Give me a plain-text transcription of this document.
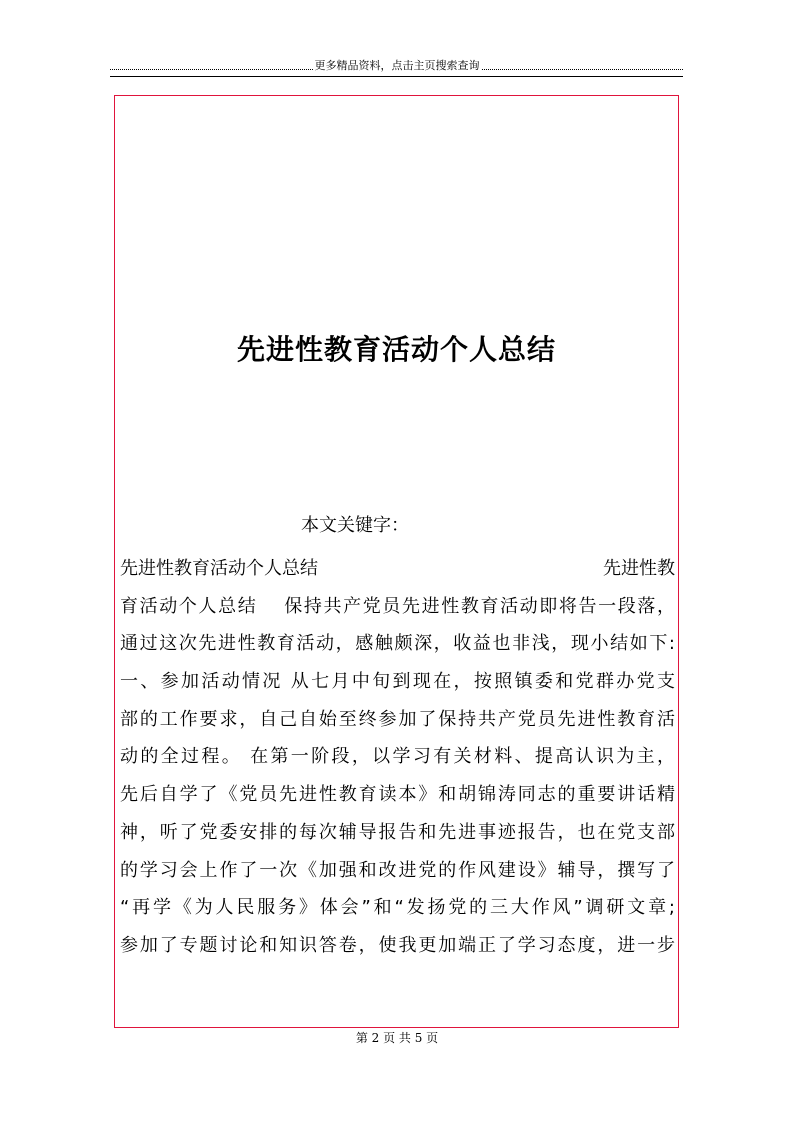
更多精品资料，点击主页搜索查询
先进性教育活动个人总结
本文关键字：
先进性教育活动个人总结	先进性教
育活动个人总结　 保持共产党员先进性教育活动即将告一段落，
通过这次先进性教育活动，感触颇深，收益也非浅，现小结如下:
一、参加活动情况 从七月中旬到现在，按照镇委和党群办党支
部的工作要求，自己自始至终参加了保持共产党员先进性教育活
动的全过程。 在第一阶段，以学习有关材料、提高认识为主，
先后自学了《党员先进性教育读本》和胡锦涛同志的重要讲话精
神，听了党委安排的每次辅导报告和先进事迹报告，也在党支部
的学习会上作了一次《加强和改进党的作风建设》辅导，撰写了
“再学《为人民服务》体会”和“发扬党的三大作风”调研文章;
参加了专题讨论和知识答卷，使我更加端正了学习态度，进一步
第 2 页 共 5 页
